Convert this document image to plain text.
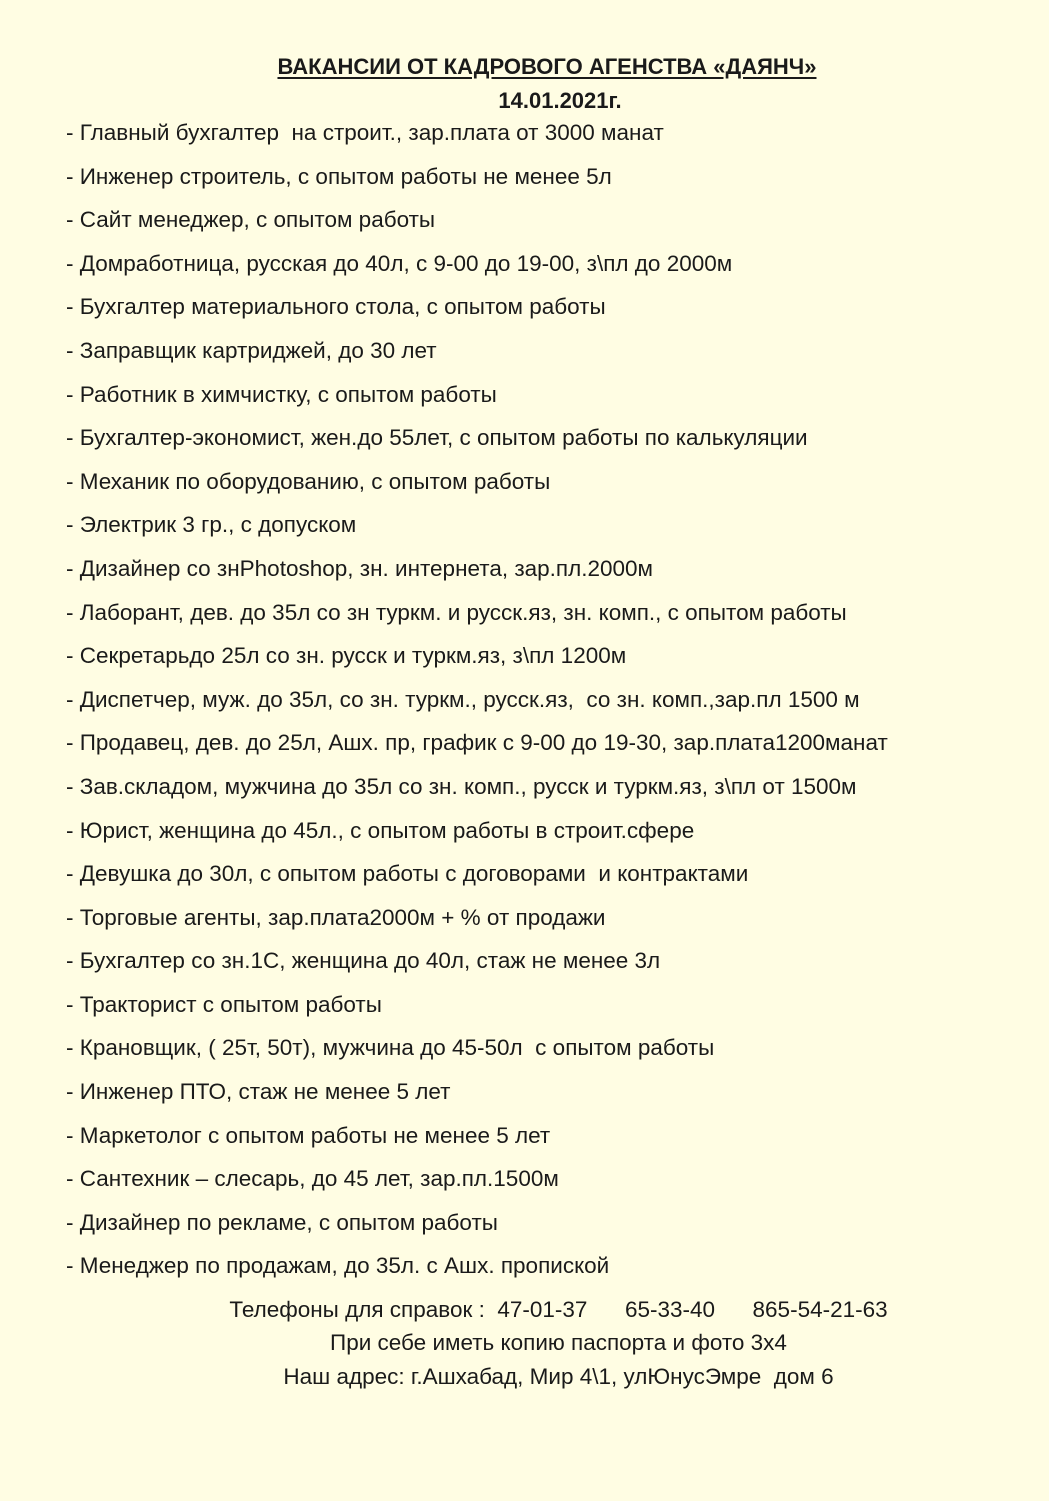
ВАКАНСИИ ОТ КАДРОВОГО АГЕНСТВА «ДАЯНЧ»
14.01.2021г.
- Главный бухгалтер  на строит., зар.плата от 3000 манат
- Инженер строитель, с опытом работы не менее 5л
- Сайт менеджер, с опытом работы
- Домработница, русская до 40л, с 9-00 до 19-00, з\пл до 2000м
- Бухгалтер материального стола, с опытом работы
- Заправщик картриджей, до 30 лет
- Работник в химчистку, с опытом работы
- Бухгалтер-экономист, жен.до 55лет, с опытом работы по калькуляции
- Механик по оборудованию, с опытом работы
- Электрик 3 гр., с допуском
- Дизайнер со знPhotoshop, зн. интернета, зар.пл.2000м
- Лаборант, дев. до 35л со зн туркм. и русск.яз, зн. комп., с опытом работы
- Секретарьдо 25л со зн. русск и туркм.яз, з\пл 1200м
- Диспетчер, муж. до 35л, со зн. туркм., русск.яз,  со зн. комп.,зар.пл 1500 м
- Продавец, дев. до 25л, Ашх. пр, график с 9-00 до 19-30, зар.плата1200манат
- Зав.складом, мужчина до 35л со зн. комп., русск и туркм.яз, з\пл от 1500м
- Юрист, женщина до 45л., с опытом работы в строит.сфере
- Девушка до 30л, с опытом работы с договорами  и контрактами
- Торговые агенты, зар.плата2000м + % от продажи
- Бухгалтер со зн.1С, женщина до 40л, стаж не менее 3л
- Тракторист с опытом работы
- Крановщик, ( 25т, 50т), мужчина до 45-50л  с опытом работы
- Инженер ПТО, стаж не менее 5 лет
- Маркетолог с опытом работы не менее 5 лет
- Сантехник – слесарь, до 45 лет, зар.пл.1500м
- Дизайнер по рекламе, с опытом работы
- Менеджер по продажам, до 35л. с Ашх. пропиской
Телефоны для справок : 47-01-37 65-33-40 865-54-21-63
При себе иметь копию паспорта и фото 3х4
Наш адрес: г.Ашхабад, Мир 4\1, улЮнусЭмре  дом 6
